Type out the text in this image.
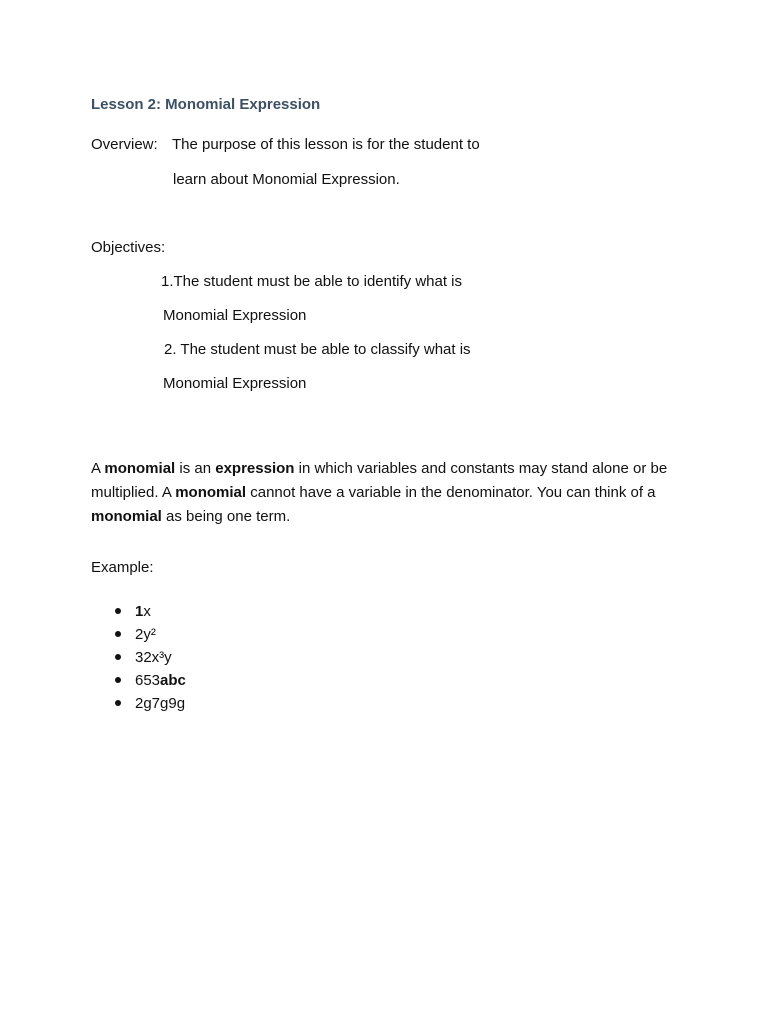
Lesson 2: Monomial Expression
Overview: The purpose of this lesson is for the student to
learn about Monomial Expression.
Objectives:
1.The student must be able to identify what is
Monomial Expression
2. The student must be able to classify what is
Monomial Expression

A monomial is an expression in which variables and constants may stand alone or be multiplied. A monomial cannot have a variable in the denominator. You can think of a monomial as being one term.

Example:
1x
2y²
32x³y
653abc
2g7g9g
